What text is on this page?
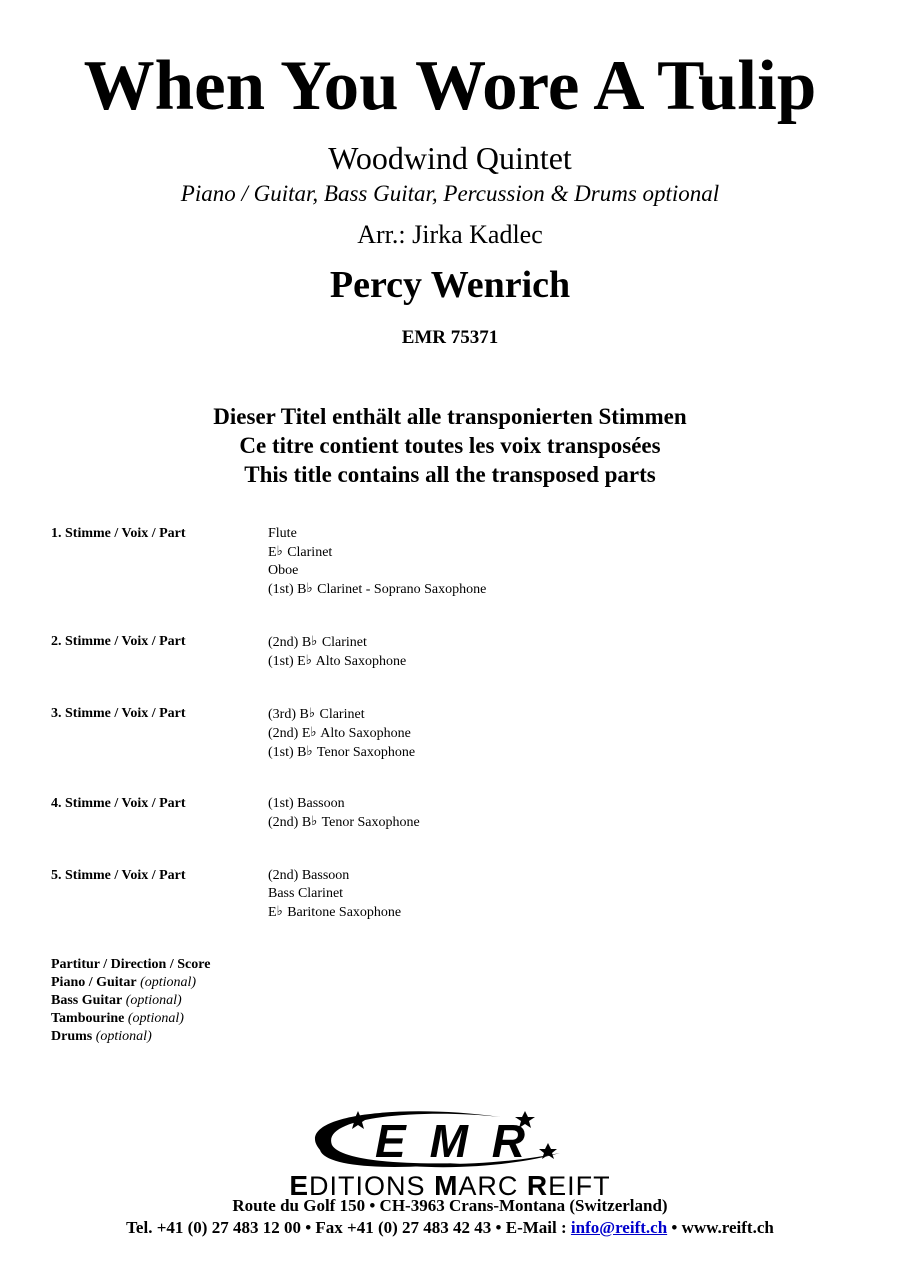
When You Wore A Tulip
Woodwind Quintet
Piano / Guitar, Bass Guitar, Percussion & Drums optional
Arr.: Jirka Kadlec
Percy Wenrich
EMR 75371
Dieser Titel enthält alle transponierten Stimmen
Ce titre contient toutes les voix transposées
This title contains all the transposed parts
1. Stimme / Voix / Part	Flute
E♭ Clarinet
Oboe
(1st) B♭ Clarinet - Soprano Saxophone
2. Stimme / Voix / Part	(2nd) B♭ Clarinet
(1st) E♭ Alto Saxophone
3. Stimme / Voix / Part	(3rd) B♭ Clarinet
(2nd) E♭ Alto Saxophone
(1st) B♭ Tenor Saxophone
4. Stimme / Voix / Part	(1st) Bassoon
(2nd) B♭ Tenor Saxophone
5. Stimme / Voix / Part	(2nd) Bassoon
Bass Clarinet
E♭ Baritone Saxophone
Partitur / Direction / Score
Piano / Guitar (optional)
Bass Guitar (optional)
Tambourine (optional)
Drums (optional)
EMR
EDITIONS MARC REIFT
Route du Golf 150 • CH-3963 Crans-Montana (Switzerland)
Tel. +41 (0) 27 483 12 00 • Fax +41 (0) 27 483 42 43 • E-Mail : info@reift.ch • www.reift.ch
